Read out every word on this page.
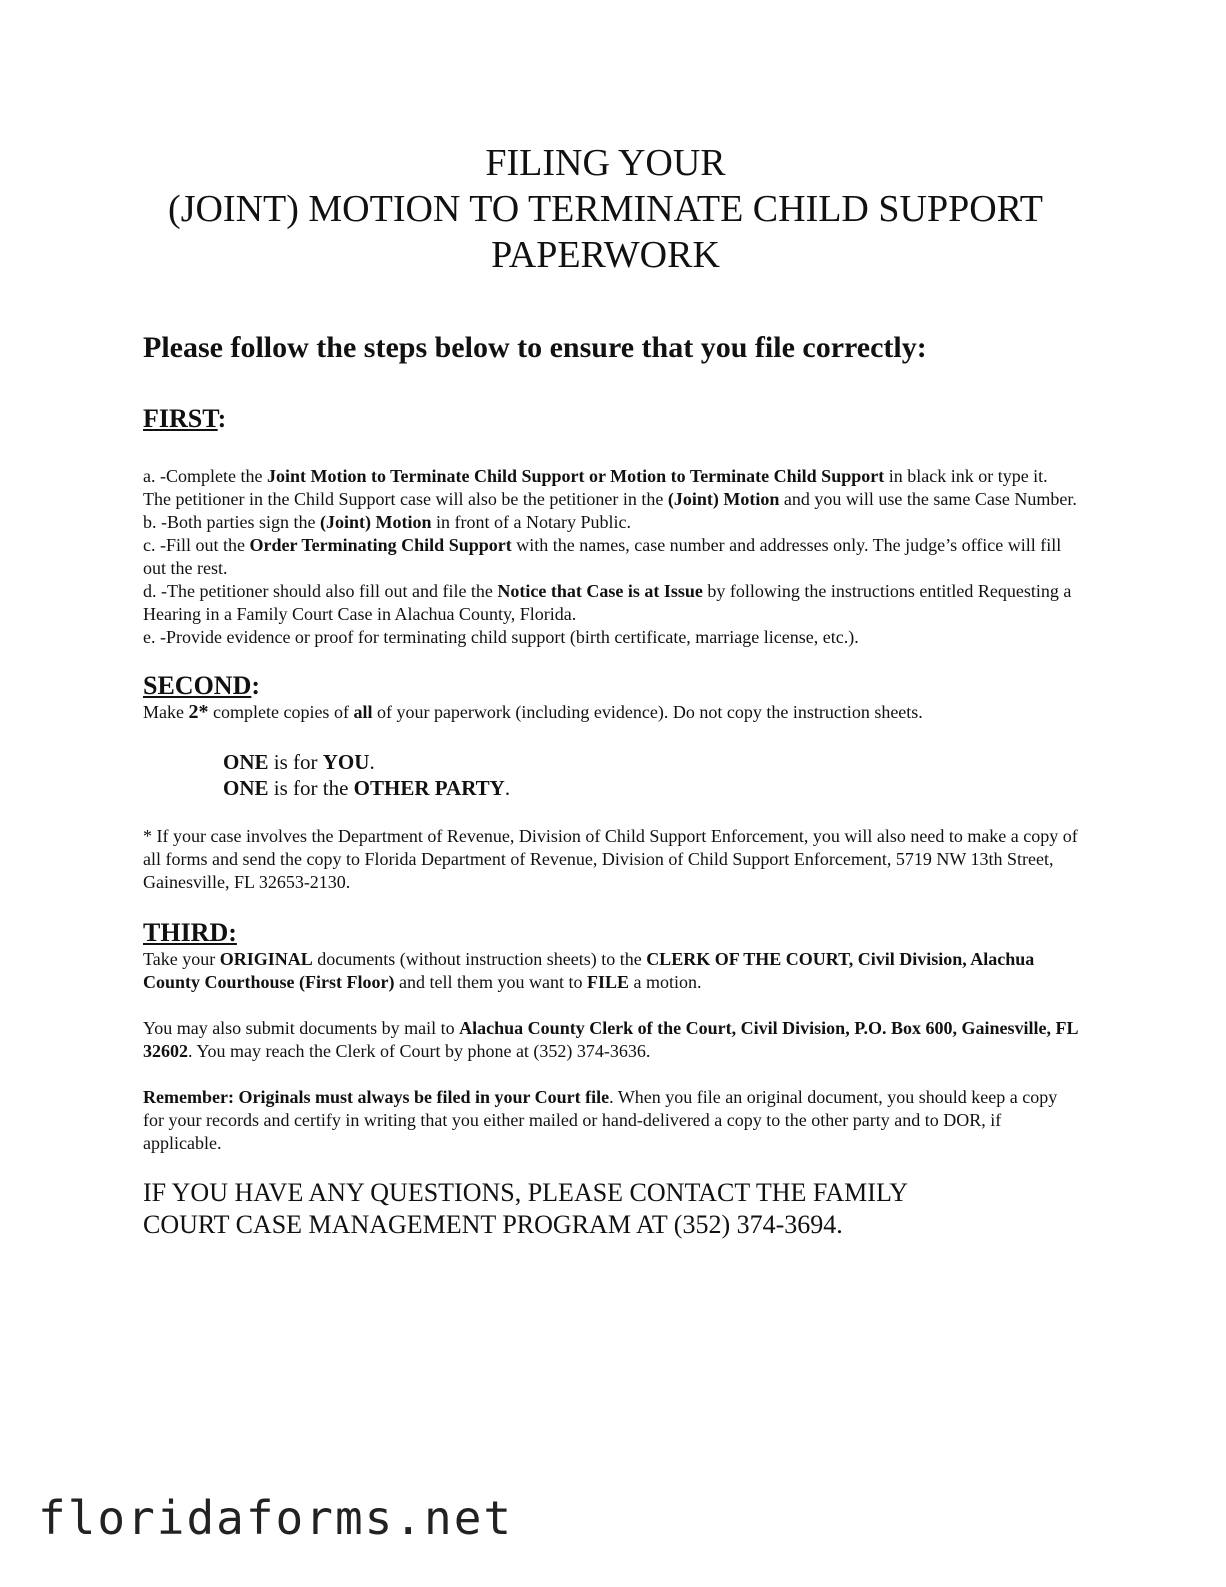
FILING YOUR
(JOINT) MOTION TO TERMINATE CHILD SUPPORT
PAPERWORK
Please follow the steps below to ensure that you file correctly:
FIRST:
a. -Complete the Joint Motion to Terminate Child Support or Motion to Terminate Child Support in black ink or type it. The petitioner in the Child Support case will also be the petitioner in the (Joint) Motion and you will use the same Case Number.
b. -Both parties sign the (Joint) Motion in front of a Notary Public.
c. -Fill out the Order Terminating Child Support with the names, case number and addresses only. The judge’s office will fill out the rest.
d. -The petitioner should also fill out and file the Notice that Case is at Issue by following the instructions entitled Requesting a Hearing in a Family Court Case in Alachua County, Florida.
e. -Provide evidence or proof for terminating child support (birth certificate, marriage license, etc.).
SECOND:

Make 2* complete copies of all of your paperwork (including evidence). Do not copy the instruction sheets.

ONE is for YOU.

ONE is for the OTHER PARTY.

* If your case involves the Department of Revenue, Division of Child Support Enforcement, you will also need to make a copy of all forms and send the copy to Florida Department of Revenue, Division of Child Support Enforcement, 5719 NW 13th Street, Gainesville, FL 32653-2130.

THIRD:

Take your ORIGINAL documents (without instruction sheets) to the CLERK OF THE COURT, Civil Division, Alachua County Courthouse (First Floor) and tell them you want to FILE a motion.

You may also submit documents by mail to Alachua County Clerk of the Court, Civil Division, P.O. Box 600, Gainesville, FL 32602. You may reach the Clerk of Court by phone at (352) 374-3636.

Remember: Originals must always be filed in your Court file. When you file an original document, you should keep a copy for your records and certify in writing that you either mailed or hand-delivered a copy to the other party and to DOR, if applicable.

IF YOU HAVE ANY QUESTIONS, PLEASE CONTACT THE FAMILY
COURT CASE MANAGEMENT PROGRAM AT (352) 374-3694.
floridaforms.net
